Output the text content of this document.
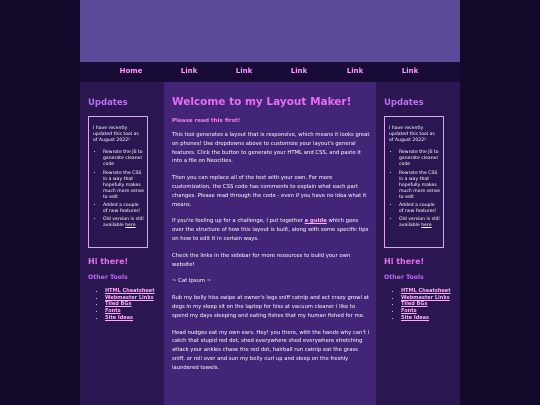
Home	Link	Link	Link	Link	Link
Updates

I have recently updated this tool as of August 2022!

• Rewrote the JS to generate cleaner code
• Rewrote the CSS in a way that hopefully makes much more sense to edit
• Added a couple of new features!
• Old version is still available here
Hi there!
Other Tools
• HTML Cheatsheet
• Webmaster Links
• Tiled BGs
• Fonts
• Site Ideas
Welcome to my Layout Maker!
Please read this first!

This tool generates a layout that is responsive, which means it looks great on phones! Use dropdowns above to customize your layout's general features. Click the button to generate your HTML and CSS, and paste it into a file on Neocities.

Then you can replace all of the text with your own. For more customization, the CSS code has comments to explain what each part changes. Please read through the code - even if you have no idea what it means.

If you're feeling up for a challenge, I put together a guide which goes over the structure of how this layout is built, along with some specific tips on how to edit it in certain ways.

Check the links in the sidebar for more resources to build your own website!

~ Cat Ipsum ~

Rub my belly hiss swipe at owner's legs sniff catnip and act crazy growl at dogs in my sleep sit on the laptop for hiss at vacuum cleaner i like to spend my days sleeping and eating fishes that my human fished for me.

Head nudges eat my own ears. Hey! you there, with the hands why can't i catch that stupid red dot, shed everywhere shed everywhere stretching attack your ankles chase the red dot, hairball run catnip eat the grass sniff, or roll over and sun my belly curl up and sleep on the freshly laundered towels.

Updates

I have recently updated this tool as of August 2022!

• Rewrote the JS to generate cleaner code
• Rewrote the CSS in a way that hopefully makes much more sense to edit
• Added a couple of new features!
• Old version is still available here
Hi there!
Other Tools
• HTML Cheatsheet
• Webmaster Links
• Tiled BGs
• Fonts
• Site Ideas
